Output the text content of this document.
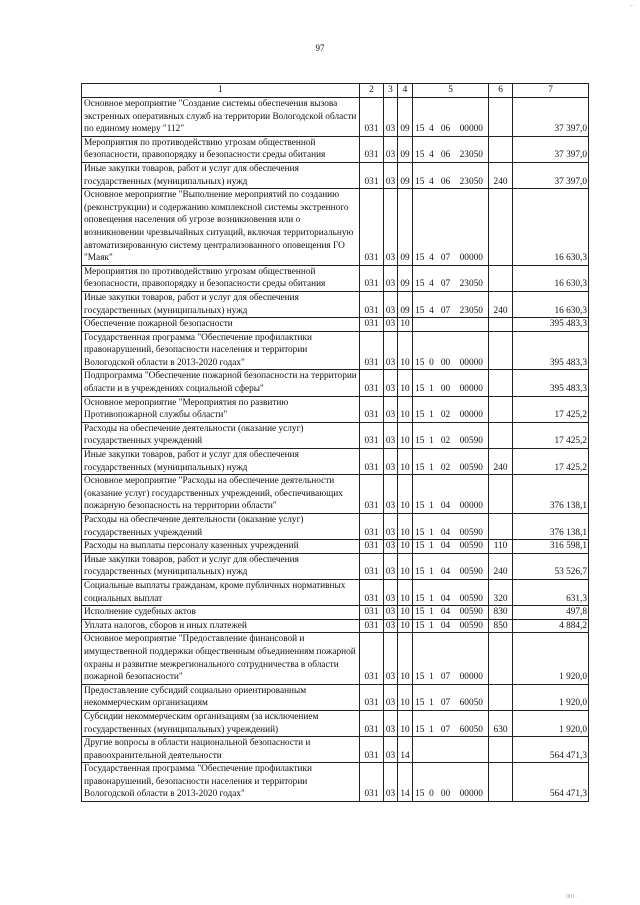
...
97
1	2	3	4	5				6	7
Основное мероприятие "Создание системы обеспечения вызова экстренных оперативных служб на территории Вологодской области по единому номеру "112"	031	03	09	15	4	06	00000		37 397,0
Мероприятия по противодействию угрозам общественной безопасности, правопорядку и безопасности среды обитания	031	03	09	15	4	06	23050		37 397,0
Иные закупки товаров, работ и услуг для обеспечения государственных (муниципальных) нужд	031	03	09	15	4	06	23050	240	37 397,0
Основное мероприятие "Выполнение мероприятий по созданию (реконструкции) и содержанию комплексной системы экстренного оповещения населения об угрозе возникновения или о возникновении чрезвычайных ситуаций, включая территориальную автоматизированную систему централизованного оповещения ГО "Маяк"	031	03	09	15	4	07	00000		16 630,3
Мероприятия по противодействию угрозам общественной безопасности, правопорядку и безопасности среды обитания	031	03	09	15	4	07	23050		16 630,3
Иные закупки товаров, работ и услуг для обеспечения государственных (муниципальных) нужд	031	03	09	15	4	07	23050	240	16 630,3
Обеспечение пожарной безопасности	031	03	10						395 483,3
Государственная программа "Обеспечение профилактики правонарушений, безопасности населения и территории Вологодской области в 2013-2020 годах"	031	03	10	15	0	00	00000		395 483,3
Подпрограмма "Обеспечение пожарной безопасности на территории области и в учреждениях социальной сферы"	031	03	10	15	1	00	00000		395 483,3
Основное мероприятие "Мероприятия по развитию Противопожарной службы области"	031	03	10	15	1	02	00000		17 425,2
Расходы на обеспечение деятельности (оказание услуг) государственных учреждений	031	03	10	15	1	02	00590		17 425,2
Иные закупки товаров, работ и услуг для обеспечения государственных (муниципальных) нужд	031	03	10	15	1	02	00590	240	17 425,2
Основное мероприятие "Расходы на обеспечение деятельности (оказание услуг) государственных учреждений, обеспечивающих пожарную безопасность на территории области"	031	03	10	15	1	04	00000		376 138,1
Расходы на обеспечение деятельности (оказание услуг) государственных учреждений	031	03	10	15	1	04	00590		376 138,1
Расходы на выплаты персоналу казенных учреждений	031	03	10	15	1	04	00590	110	316 598,1
Иные закупки товаров, работ и услуг для обеспечения государственных (муниципальных) нужд	031	03	10	15	1	04	00590	240	53 526,7
Социальные выплаты гражданам, кроме публичных нормативных социальных выплат	031	03	10	15	1	04	00590	320	631,3
Исполнение судебных актов	031	03	10	15	1	04	00590	830	497,8
Уплата налогов, сборов и иных платежей	031	03	10	15	1	04	00590	850	4 884,2
Основное мероприятие "Предоставление финансовой и имущественной поддержки общественным объединениям пожарной охраны и развитие межрегионального сотрудничества в области пожарной безопасности"	031	03	10	15	1	07	00000		1 920,0
Предоставление субсидий социально ориентированным некоммерческим организациям	031	03	10	15	1	07	60050		1 920,0
Субсидии некоммерческим организациям (за исключением государственных (муниципальных) учреждений)	031	03	10	15	1	07	60050	630	1 920,0
Другие вопросы в области национальной безопасности и правоохранительной деятельности	031	03	14						564 471,3
Государственная программа "Обеспечение профилактики правонарушений, безопасности населения и территории Вологодской области в 2013-2020 годах"	031	03	14	15	0	00	00000		564 471,3
001 ·
